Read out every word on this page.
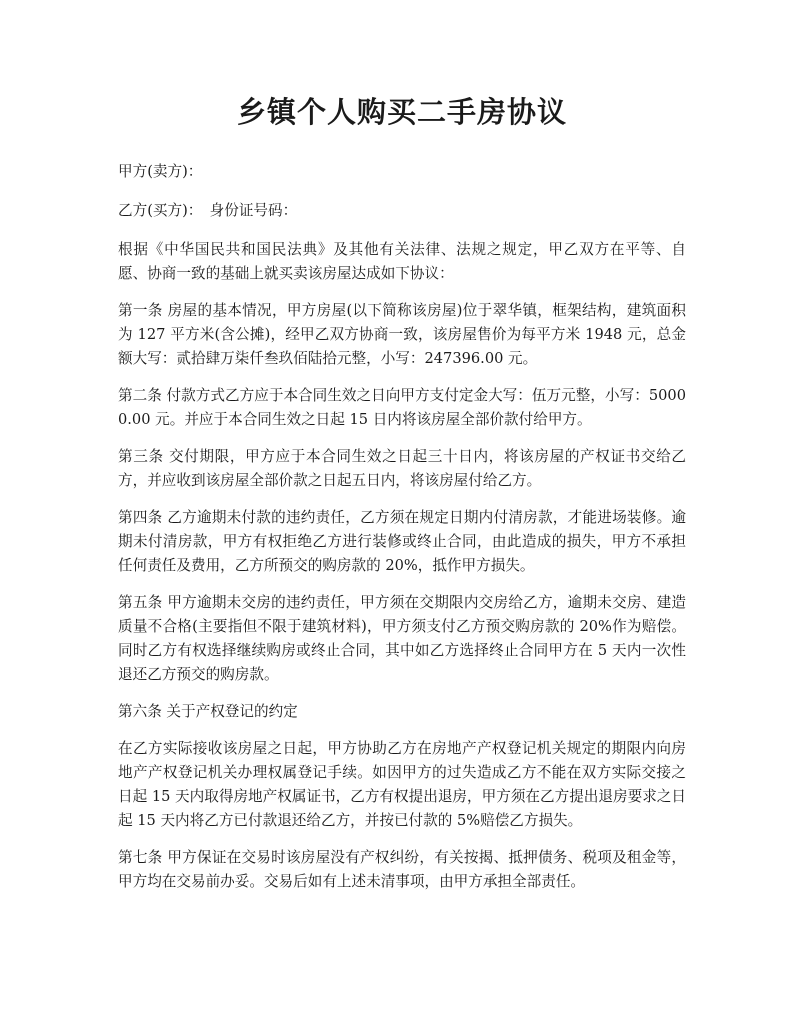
乡镇个人购买二手房协议

甲方(卖方)：

乙方(买方)：　身份证号码：

根据《中华国民共和国民法典》及其他有关法律、法规之规定，甲乙双方在平等、自愿、协商一致的基础上就买卖该房屋达成如下协议：

第一条 房屋的基本情况，甲方房屋(以下简称该房屋)位于翠华镇，框架结构，建筑面积为 127 平方米(含公摊)，经甲乙双方协商一致，该房屋售价为每平方米 1948 元，总金额大写：贰拾肆万柒仟叁玖佰陆拾元整，小写：247396.00 元。

第二条 付款方式乙方应于本合同生效之日向甲方支付定金大写：伍万元整，小写：50000.00 元。并应于本合同生效之日起 15 日内将该房屋全部价款付给甲方。

第三条 交付期限，甲方应于本合同生效之日起三十日内，将该房屋的产权证书交给乙方，并应收到该房屋全部价款之日起五日内，将该房屋付给乙方。

第四条 乙方逾期未付款的违约责任，乙方须在规定日期内付清房款，才能进场装修。逾期未付清房款，甲方有权拒绝乙方进行装修或终止合同，由此造成的损失，甲方不承担任何责任及费用，乙方所预交的购房款的 20%，抵作甲方损失。

第五条 甲方逾期未交房的违约责任，甲方须在交期限内交房给乙方，逾期未交房、建造质量不合格(主要指但不限于建筑材料)，甲方须支付乙方预交购房款的 20%作为赔偿。同时乙方有权选择继续购房或终止合同，其中如乙方选择终止合同甲方在 5 天内一次性退还乙方预交的购房款。

第六条 关于产权登记的约定

在乙方实际接收该房屋之日起，甲方协助乙方在房地产产权登记机关规定的期限内向房地产产权登记机关办理权属登记手续。如因甲方的过失造成乙方不能在双方实际交接之日起 15 天内取得房地产权属证书，乙方有权提出退房，甲方须在乙方提出退房要求之日起 15 天内将乙方已付款退还给乙方，并按已付款的 5%赔偿乙方损失。

第七条 甲方保证在交易时该房屋没有产权纠纷，有关按揭、抵押债务、税项及租金等，甲方均在交易前办妥。交易后如有上述未清事项，由甲方承担全部责任。
